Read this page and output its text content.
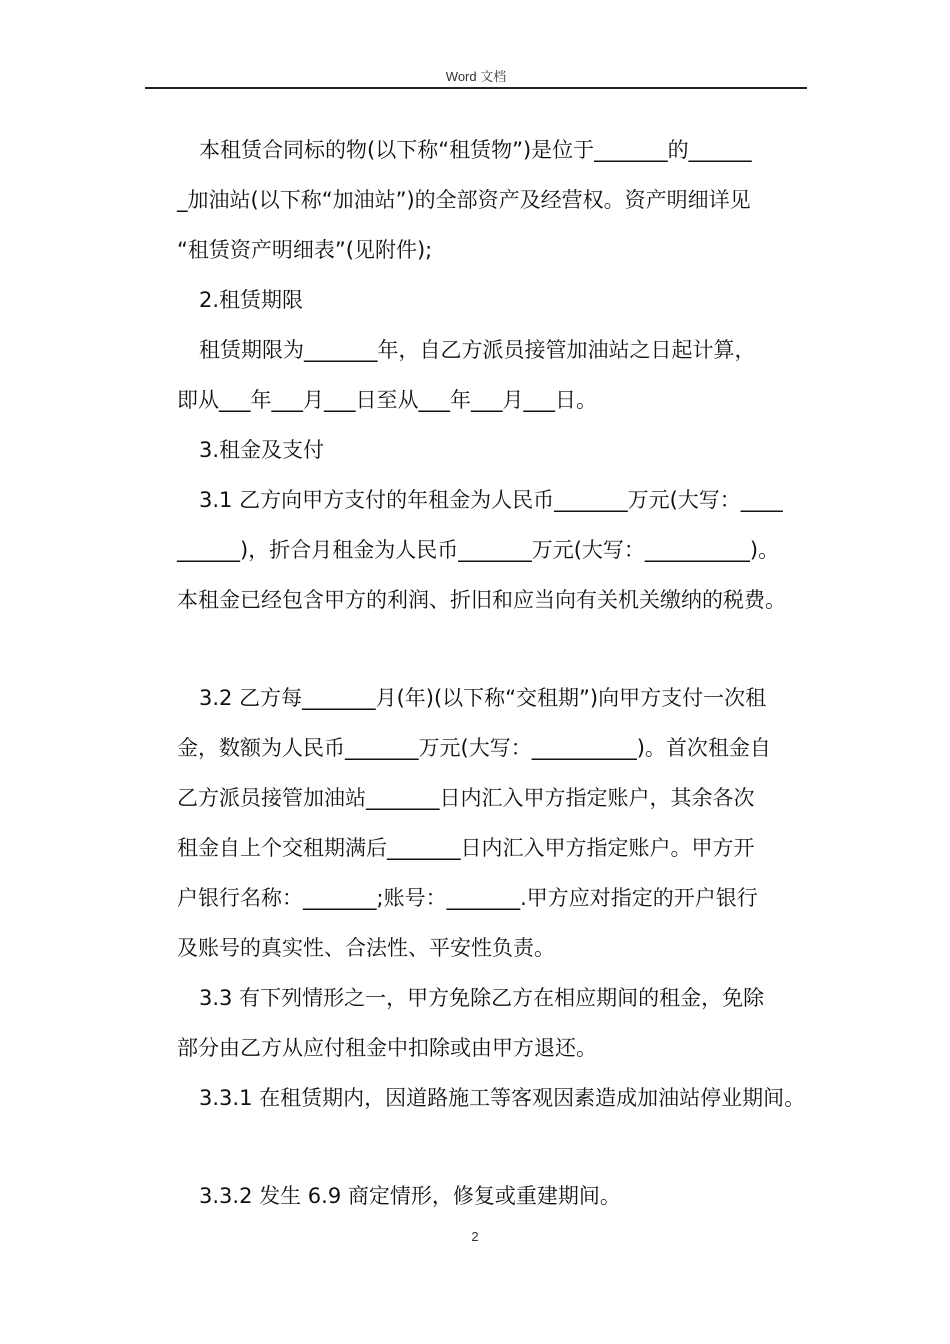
Word 文档
本租赁合同标的物(以下称“租赁物”)是位于_______的______
_加油站(以下称“加油站”)的全部资产及经营权。资产明细详见
“租赁资产明细表”(见附件);
2.租赁期限
租赁期限为_______年，自乙方派员接管加油站之日起计算，
即从___年___月___日至从___年___月___日。
3.租金及支付
3.1 乙方向甲方支付的年租金为人民币_______万元(大写：____
______)，折合月租金为人民币_______万元(大写：__________)。
本租金已经包含甲方的利润、折旧和应当向有关机关缴纳的税费。
3.2 乙方每_______月(年)(以下称“交租期”)向甲方支付一次租
金，数额为人民币_______万元(大写：__________)。首次租金自
乙方派员接管加油站_______日内汇入甲方指定账户，其余各次
租金自上个交租期满后_______日内汇入甲方指定账户。甲方开
户银行名称：_______;账号：_______.甲方应对指定的开户银行
及账号的真实性、合法性、平安性负责。
3.3 有下列情形之一，甲方免除乙方在相应期间的租金，免除
部分由乙方从应付租金中扣除或由甲方退还。
3.3.1 在租赁期内，因道路施工等客观因素造成加油站停业期间。
3.3.2 发生 6.9 商定情形，修复或重建期间。
2
